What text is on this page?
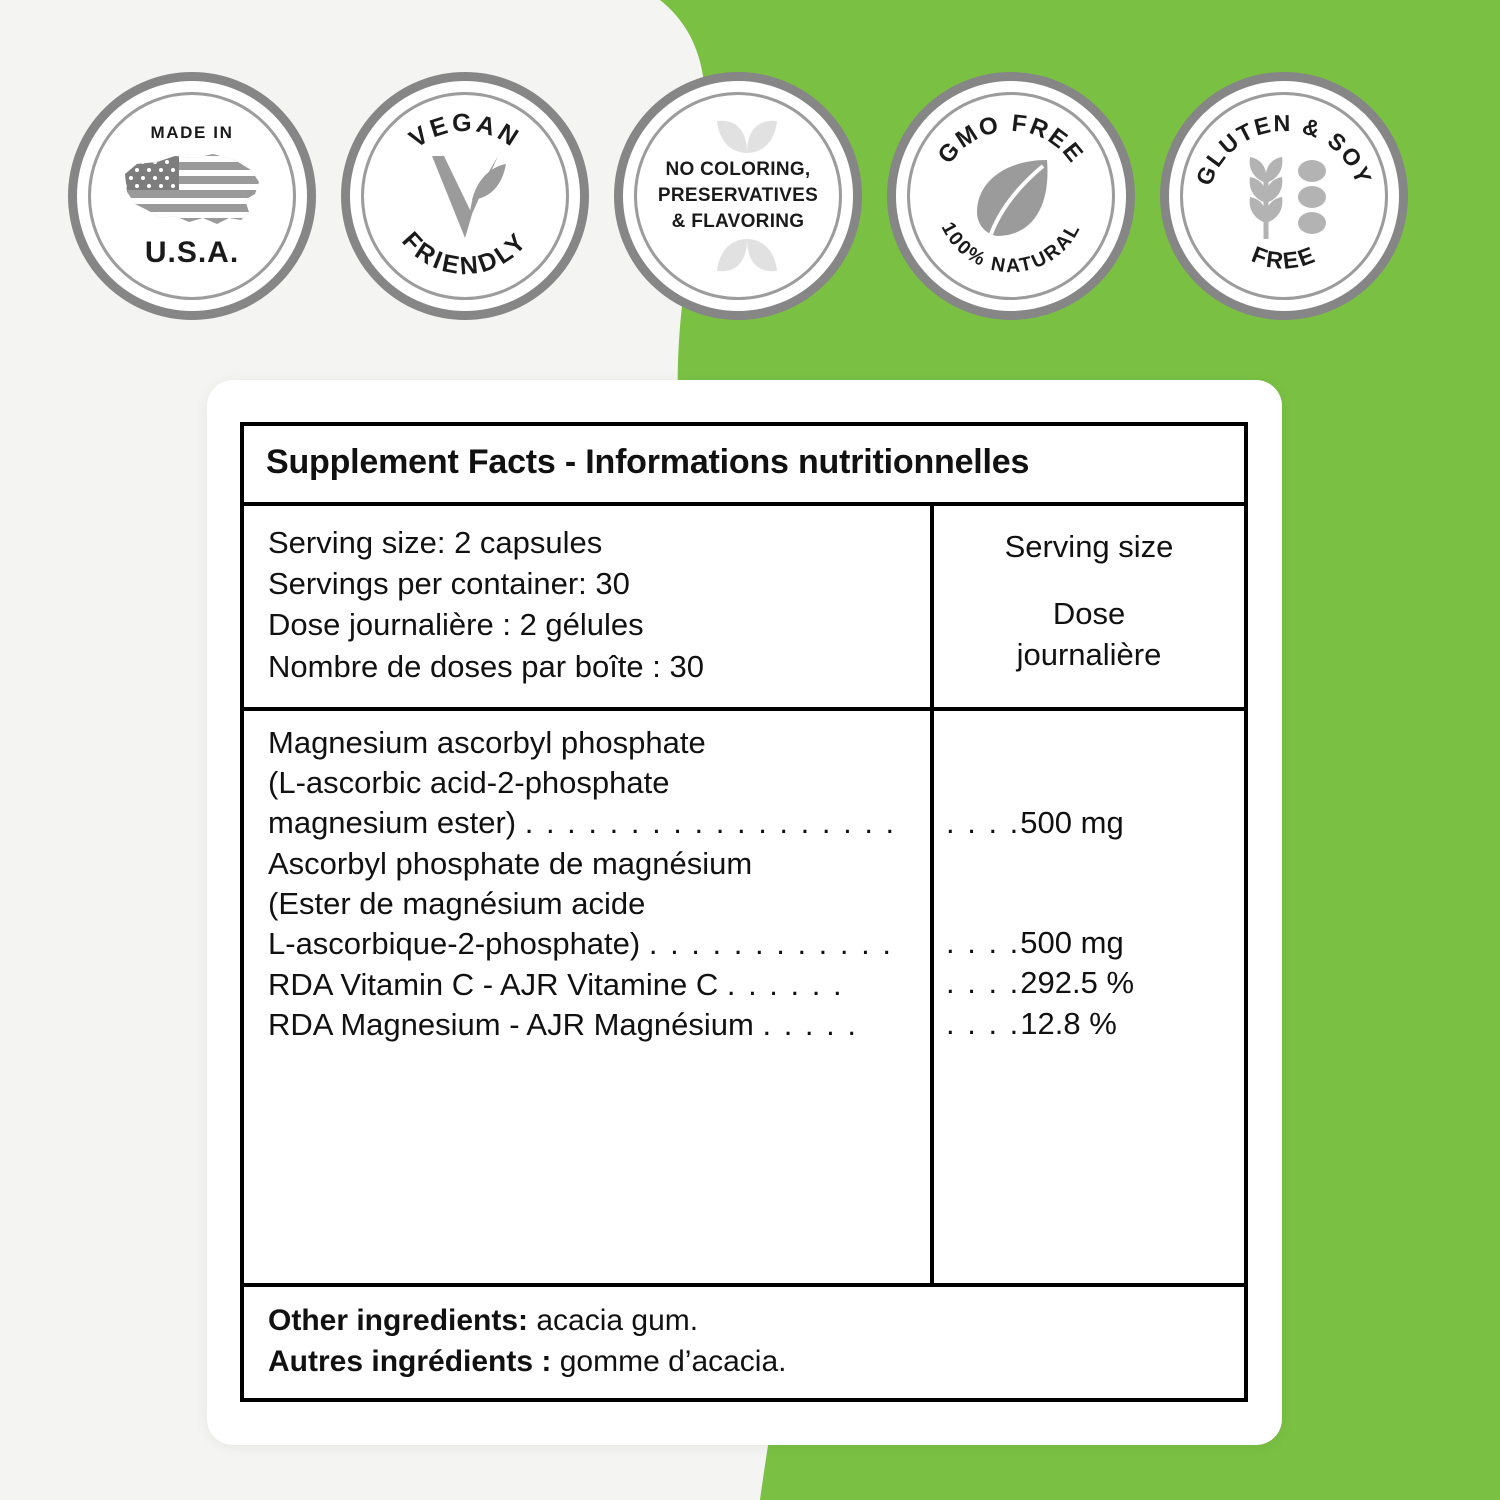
MADE IN
U.S.A.
VEGAN
FRIENDLY
NO COLORING,
PRESERVATIVES
& FLAVORING
GMO FREE
100% NATURAL
GLUTEN & SOY
FREE
Supplement Facts - Informations nutritionnelles
Serving size: 2 capsules
Servings per container: 30
Dose journalière : 2 gélules
Nombre de doses par boîte : 30
Serving size
Dose
journalière
Magnesium ascorbyl phosphate
(L-ascorbic acid-2-phosphate
magnesium ester) . . . . . . . . . . . . . . . . . .
Ascorbyl phosphate de magnésium
(Ester de magnésium acide
L-ascorbique-2-phosphate) . . . . . . . . . . . .
RDA Vitamin C - AJR Vitamine C . . . . . .
RDA Magnesium - AJR Magnésium . . . . .
. . . .500 mg
. . . .500 mg
. . . .292.5 %
. . . .12.8 %
Other ingredients: acacia gum.
Autres ingrédients : gomme d’acacia.
